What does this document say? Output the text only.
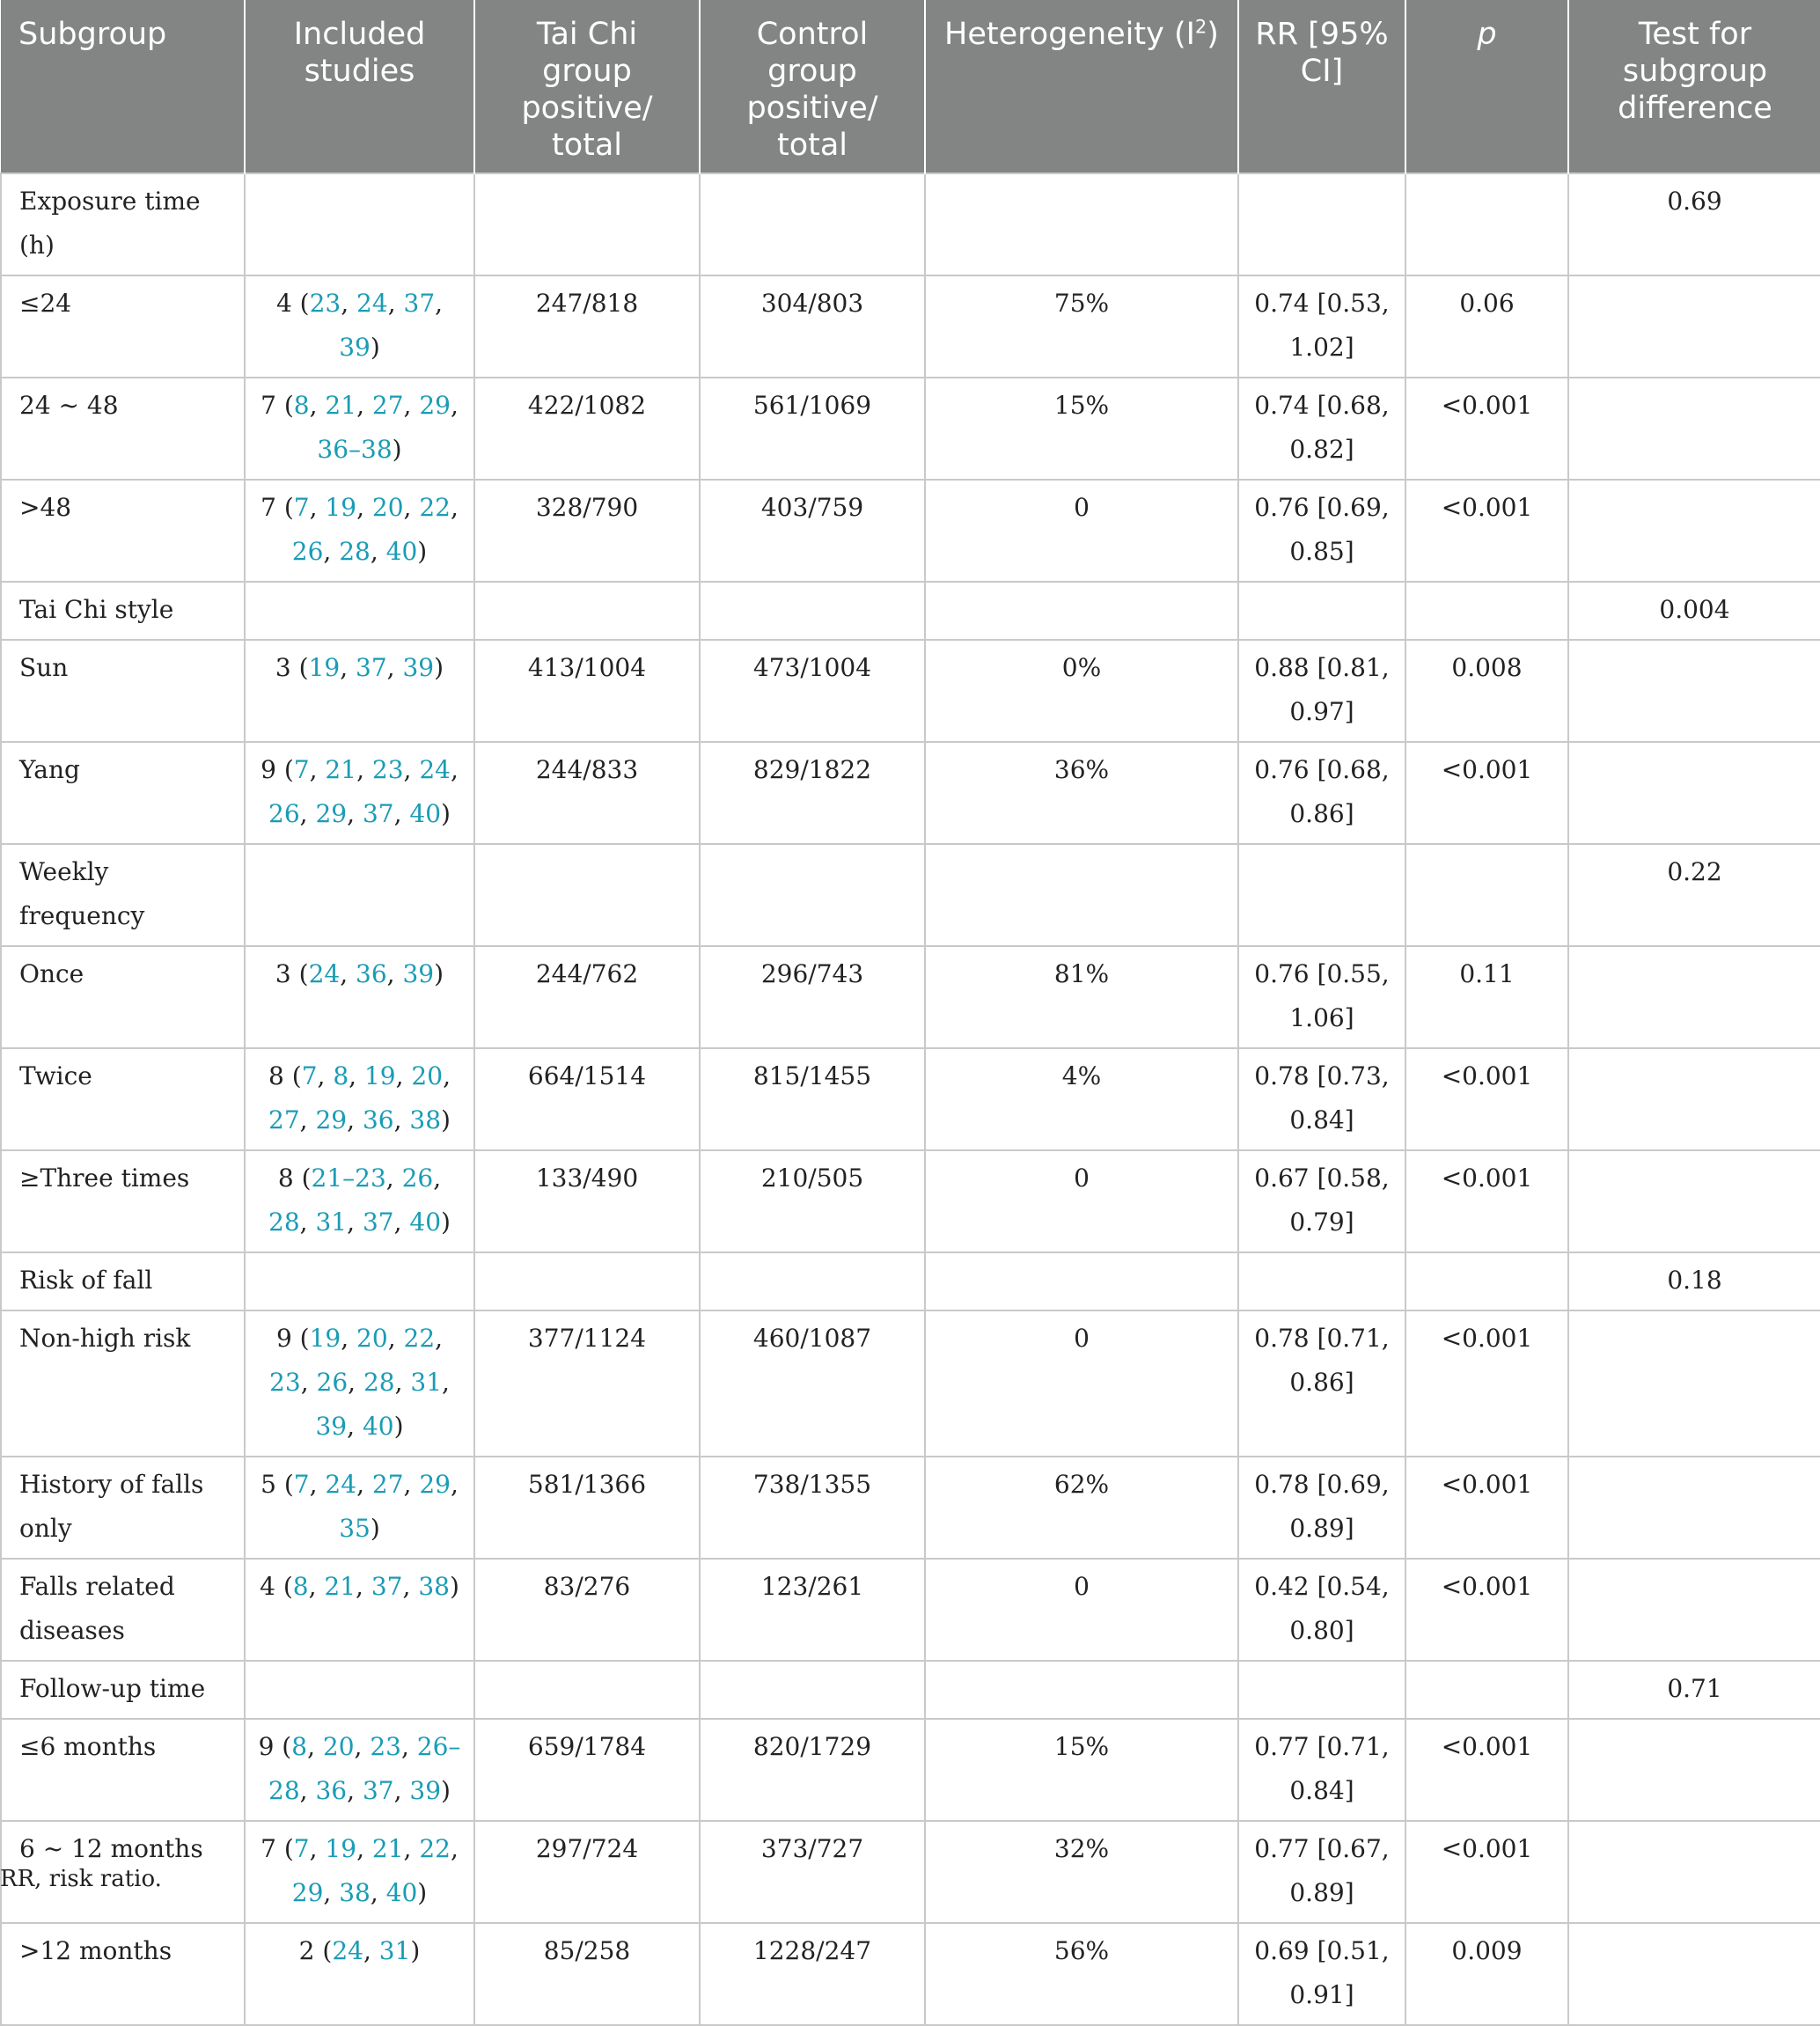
Subgroup	Included studies	Tai Chi group positive/ total	Control group positive/ total	Heterogeneity $(I^2)$	RR [95% CI]	p	Test for subgroup difference
Exposure time (h)							0.69
≤24	4 (23, 24, 37, 39)	247/818	304/803	75%	0.74 [0.53, 1.02]	0.06	
24 ~ 48	7 (8, 21, 27, 29, 36–38)	422/1082	561/1069	15%	0.74 [0.68, 0.82]	<0.001	
>48	7 (7, 19, 20, 22, 26, 28, 40)	328/790	403/759	0	0.76 [0.69, 0.85]	<0.001	
Tai Chi style							0.004
Sun	3 (19, 37, 39)	413/1004	473/1004	0%	0.88 [0.81, 0.97]	0.008	
Yang	9 (7, 21, 23, 24, 26, 29, 37, 40)	244/833	829/1822	36%	0.76 [0.68, 0.86]	<0.001	
Weekly frequency							0.22
Once	3 (24, 36, 39)	244/762	296/743	81%	0.76 [0.55, 1.06]	0.11	
Twice	8 (7, 8, 19, 20, 27, 29, 36, 38)	664/1514	815/1455	4%	0.78 [0.73, 0.84]	<0.001	
≥Three times	8 (21–23, 26, 28, 31, 37, 40)	133/490	210/505	0	0.67 [0.58, 0.79]	<0.001	
Risk of fall							0.18
Non-high risk	9 (19, 20, 22, 23, 26, 28, 31, 39, 40)	377/1124	460/1087	0	0.78 [0.71, 0.86]	<0.001	
History of falls only	5 (7, 24, 27, 29, 35)	581/1366	738/1355	62%	0.78 [0.69, 0.89]	<0.001	
Falls related diseases	4 (8, 21, 37, 38)	83/276	123/261	0	0.42 [0.54, 0.80]	<0.001	
Follow-up time							0.71
≤6 months	9 (8, 20, 23, 26–28, 36, 37, 39)	659/1784	820/1729	15%	0.77 [0.71, 0.84]	<0.001	
6 ~ 12 months	7 (7, 19, 21, 22, 29, 38, 40)	297/724	373/727	32%	0.77 [0.67, 0.89]	<0.001	
>12 months	2 (24, 31)	85/258	1228/247	56%	0.69 [0.51, 0.91]	0.009	
RR, risk ratio.
